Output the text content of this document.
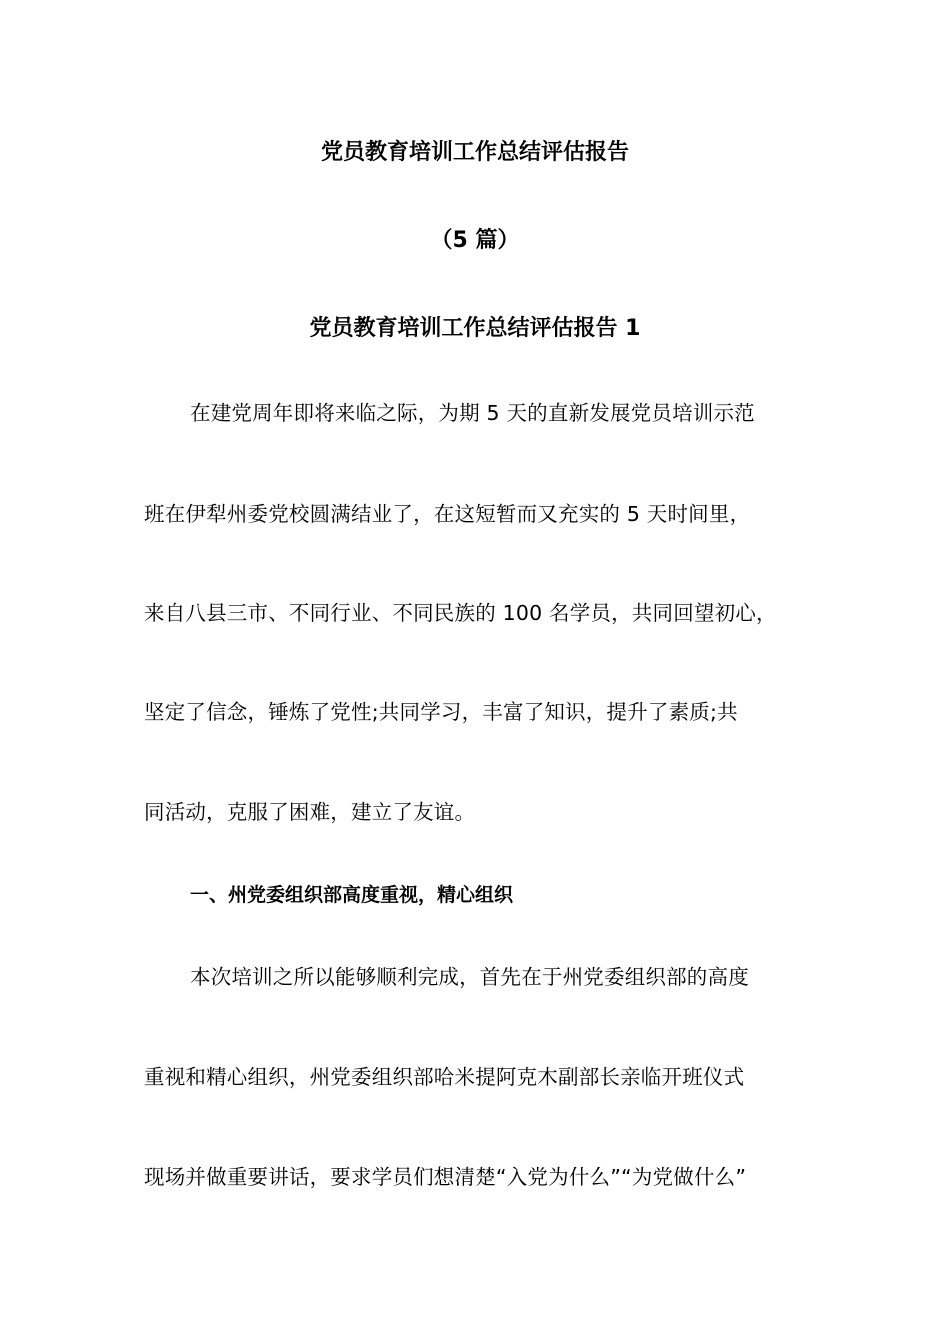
党员教育培训工作总结评估报告
（5 篇）
党员教育培训工作总结评估报告 1
在建党周年即将来临之际，为期 5 天的直新发展党员培训示范
班在伊犁州委党校圆满结业了，在这短暂而又充实的 5 天时间里，
来自八县三市、不同行业、不同民族的 100 名学员，共同回望初心，
坚定了信念，锤炼了党性;共同学习，丰富了知识，提升了素质;共
同活动，克服了困难，建立了友谊。
一、州党委组织部高度重视，精心组织
本次培训之所以能够顺利完成，首先在于州党委组织部的高度
重视和精心组织，州党委组织部哈米提阿克木副部长亲临开班仪式
现场并做重要讲话，要求学员们想清楚“入党为什么”“为党做什么”
